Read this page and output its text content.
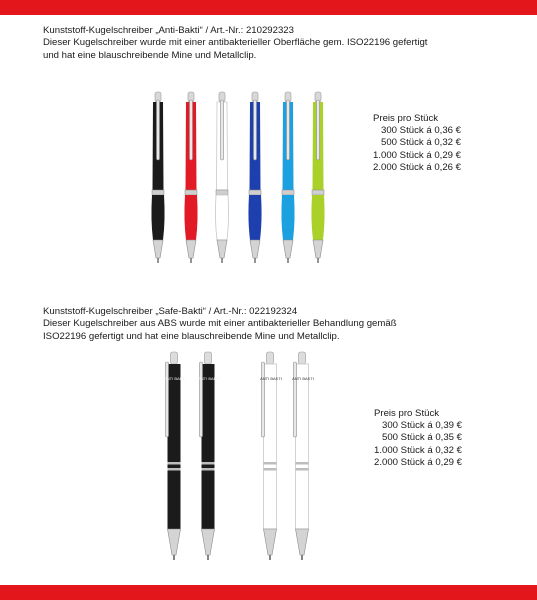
Kunststoff-Kugelschreiber „Anti-Bakti“ / Art.-Nr.: 210292323
Dieser Kugelschreiber wurde mit einer antibakterieller Oberfläche gem. ISO22196 gefertigt
und hat eine blauschreibende Mine und Metallclip.
Preis pro Stück
300 Stück á 0,36 €
500 Stück á 0,32 €
1.000 Stück á 0,29 €
2.000 Stück á 0,26 €
Kunststoff-Kugelschreiber „Safe-Bakti“ / Art.-Nr.: 022192324
Dieser Kugelschreiber aus ABS wurde mit einer antibakterieller Behandlung gemäß
ISO22196 gefertigt und hat eine blauschreibende Mine und Metallclip.
ANTI BAKTI	ANTI BAKTI	ANTI BAKTI	ANTI BAKTI
Preis pro Stück
300 Stück á 0,39 €
500 Stück á 0,35 €
1.000 Stück á 0,32 €
2.000 Stück á 0,29 €
